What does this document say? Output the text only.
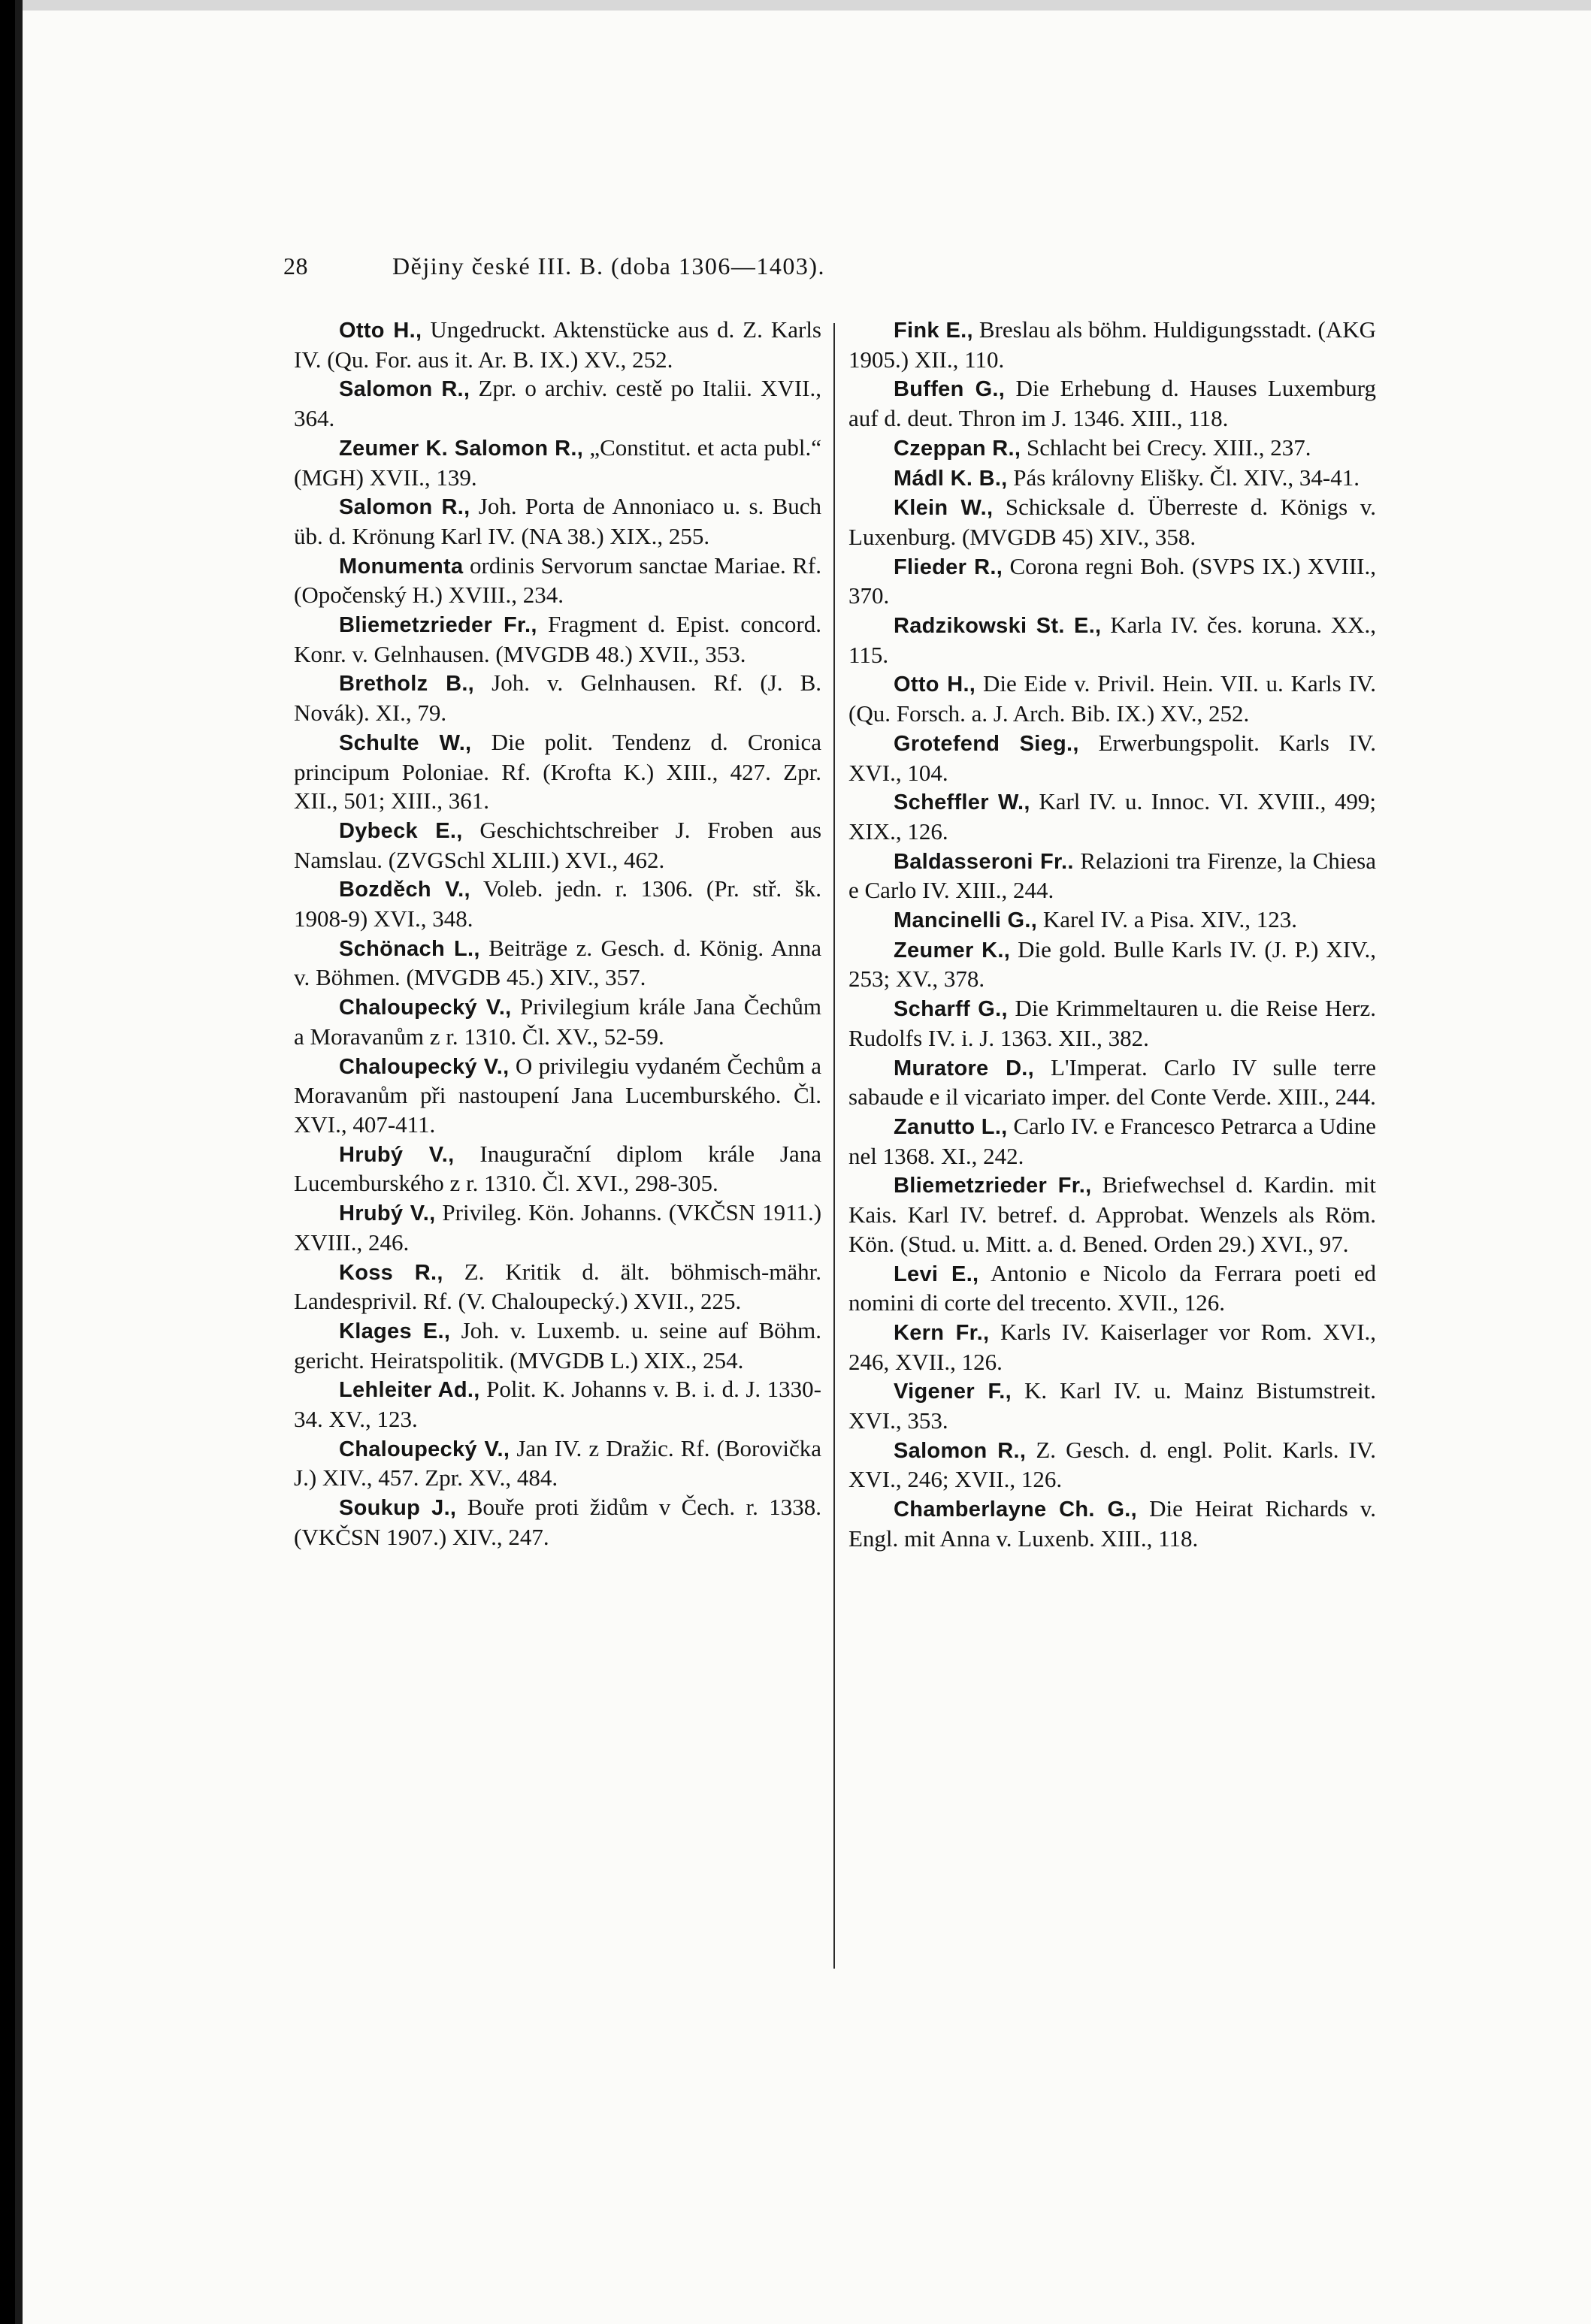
28	Dějiny české III. B. (doba 1306—1403).

Otto H., Ungedruckt. Aktenstücke aus d. Z. Karls IV. (Qu. For. aus it. Ar. B. IX.) XV., 252.

Salomon R., Zpr. o archiv. cestě po Italii. XVII., 364.

Zeumer K. Salomon R., „Constitut. et acta publ.“ (MGH) XVII., 139.

Salomon R., Joh. Porta de Annoniaco u. s. Buch üb. d. Krönung Karl IV. (NA 38.) XIX., 255.

Monumenta ordinis Servorum sanctae Mariae. Rf. (Opočenský H.) XVIII., 234.

Bliemetzrieder Fr., Fragment d. Epist. concord. Konr. v. Gelnhausen. (MVGDB 48.) XVII., 353.

Bretholz B., Joh. v. Gelnhausen. Rf. (J. B. Novák). XI., 79.

Schulte W., Die polit. Tendenz d. Cronica principum Poloniae. Rf. (Krofta K.) XIII., 427. Zpr. XII., 501; XIII., 361.

Dybeck E., Geschichtschreiber J. Froben aus Namslau. (ZVGSchl XLIII.) XVI., 462.

Bozděch V., Voleb. jedn. r. 1306. (Pr. stř. šk. 1908-9) XVI., 348.

Schönach L., Beiträge z. Gesch. d. König. Anna v. Böhmen. (MVGDB 45.) XIV., 357.

Chaloupecký V., Privilegium krále Jana Čechům a Moravanům z r. 1310. Čl. XV., 52-59.

Chaloupecký V., O privilegiu vydaném Čechům a Moravanům při nastoupení Jana Lucemburského. Čl. XVI., 407-411.

Hrubý V., Inaugurační diplom krále Jana Lucemburského z r. 1310. Čl. XVI., 298-305.

Hrubý V., Privileg. Kön. Johanns. (VKČSN 1911.) XVIII., 246.

Koss R., Z. Kritik d. ält. böhmisch-mähr. Landesprivil. Rf. (V. Chaloupecký.) XVII., 225.

Klages E., Joh. v. Luxemb. u. seine auf Böhm. gericht. Heiratspolitik. (MVGDB L.) XIX., 254.

Lehleiter Ad., Polit. K. Johanns v. B. i. d. J. 1330-34. XV., 123.

Chaloupecký V., Jan IV. z Dražic. Rf. (Borovička J.) XIV., 457. Zpr. XV., 484.

Soukup J., Bouře proti židům v Čech. r. 1338. (VKČSN 1907.) XIV., 247.

Fink E., Breslau als böhm. Huldigungsstadt. (AKG 1905.) XII., 110.

Buffen G., Die Erhebung d. Hauses Luxemburg auf d. deut. Thron im J. 1346. XIII., 118.

Czeppan R., Schlacht bei Crecy. XIII., 237.

Mádl K. B., Pás královny Elišky. Čl. XIV., 34-41.

Klein W., Schicksale d. Überreste d. Königs v. Luxenburg. (MVGDB 45) XIV., 358.

Flieder R., Corona regni Boh. (SVPS IX.) XVIII., 370.

Radzikowski St. E., Karla IV. čes. koruna. XX., 115.

Otto H., Die Eide v. Privil. Hein. VII. u. Karls IV. (Qu. Forsch. a. J. Arch. Bib. IX.) XV., 252.

Grotefend Sieg., Erwerbungspolit. Karls IV. XVI., 104.

Scheffler W., Karl IV. u. Innoc. VI. XVIII., 499; XIX., 126.

Baldasseroni Fr.. Relazioni tra Firenze, la Chiesa e Carlo IV. XIII., 244.

Mancinelli G., Karel IV. a Pisa. XIV., 123.

Zeumer K., Die gold. Bulle Karls IV. (J. P.) XIV., 253; XV., 378.

Scharff G., Die Krimmeltauren u. die Reise Herz. Rudolfs IV. i. J. 1363. XII., 382.

Muratore D., L'Imperat. Carlo IV sulle terre sabaude e il vicariato imper. del Conte Verde. XIII., 244.

Zanutto L., Carlo IV. e Francesco Petrarca a Udine nel 1368. XI., 242.

Bliemetzrieder Fr., Briefwechsel d. Kardin. mit Kais. Karl IV. betref. d. Approbat. Wenzels als Röm. Kön. (Stud. u. Mitt. a. d. Bened. Orden 29.) XVI., 97.

Levi E., Antonio e Nicolo da Ferrara poeti ed nomini di corte del trecento. XVII., 126.

Kern Fr., Karls IV. Kaiserlager vor Rom. XVI., 246, XVII., 126.

Vigener F., K. Karl IV. u. Mainz Bistumstreit. XVI., 353.

Salomon R., Z. Gesch. d. engl. Polit. Karls. IV. XVI., 246; XVII., 126.

Chamberlayne Ch. G., Die Heirat Richards v. Engl. mit Anna v. Luxenb. XIII., 118.
